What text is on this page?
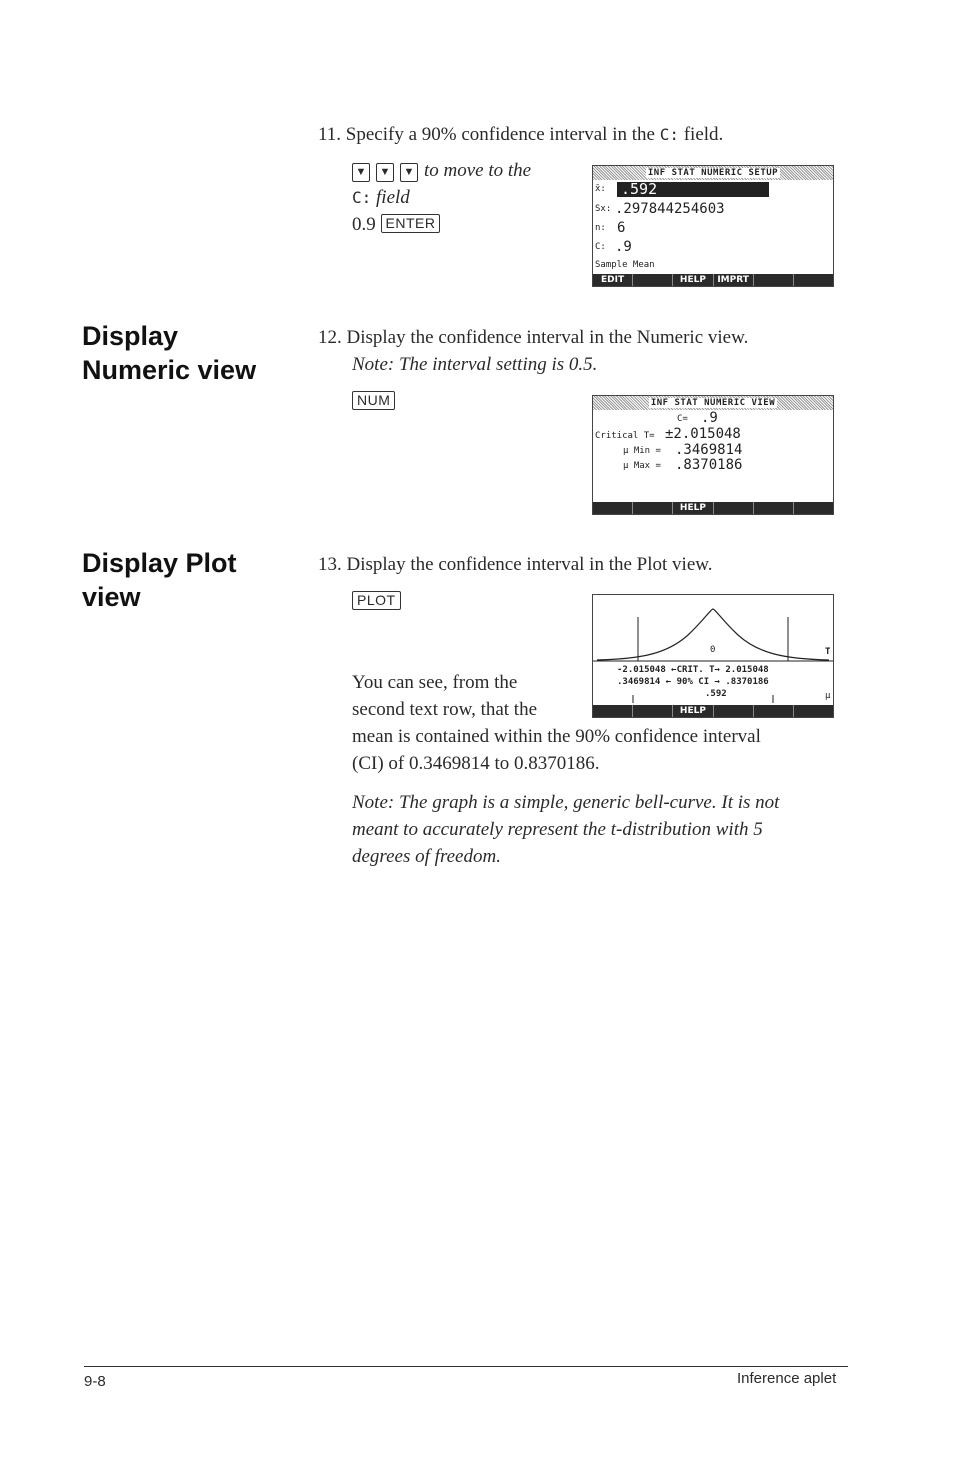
11. Specify a 90% confidence interval in the C: field.
▼ ▼ ▼ to move to the
C: field
0.9 ENTER
INF STAT NUMERIC SETUP
x̄: .592
Sx: .297844254603
n: 6
C: .9
Sample Mean
EDIT	HELP	IMPRT
Display
Numeric view
12. Display the confidence interval in the Numeric view.
Note: The interval setting is 0.5.
NUM	INF STAT NUMERIC VIEW
C= .9
Critical T= ±2.015048
μ Min = .3469814
μ Max = .8370186
HELP
Display Plot
view
13. Display the confidence interval in the Plot view.
PLOT
0	T
-2.015048 ←CRIT. T→ 2.015048
.3469814 ← 90% CI → .8370186
.592	μ
HELP
You can see, from the
second text row, that the
mean is contained within the 90% confidence interval
(CI) of 0.3469814 to 0.8370186.
Note: The graph is a simple, generic bell-curve. It is not
meant to accurately represent the t-distribution with 5
degrees of freedom.
9-8	Inference aplet
